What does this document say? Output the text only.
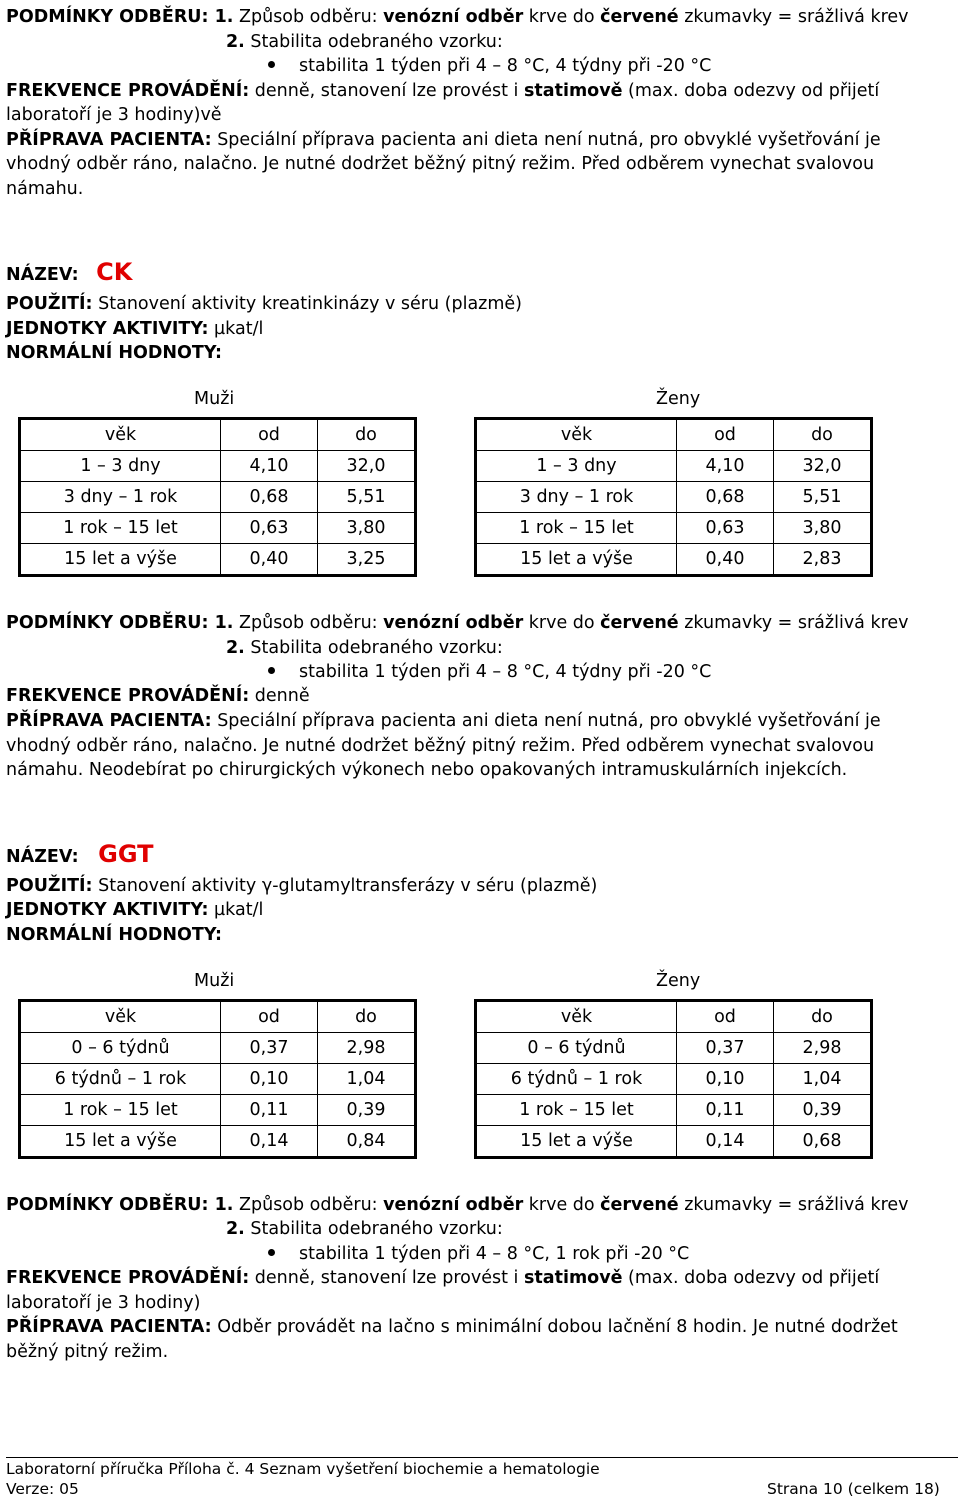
PODMÍNKY ODBĚRU: 1. Způsob odběru: venózní odběr krve do červené zkumavky = srážlivá krev
2. Stabilita odebraného vzorku:
stabilita 1 týden při 4 – 8 °C, 4 týdny při -20 °C
FREKVENCE PROVÁDĚNÍ: denně, stanovení lze provést i statimově (max. doba odezvy od přijetí
laboratoří je 3 hodiny)vě
PŘÍPRAVA PACIENTA: Speciální příprava pacienta ani dieta není nutná, pro obvyklé vyšetřování je
vhodný odběr ráno, nalačno. Je nutné dodržet běžný pitný režim. Před odběrem vynechat svalovou
námahu.
NÁZEV: CK
POUŽITÍ: Stanovení aktivity kreatinkinázy v séru (plazmě)
JEDNOTKY AKTIVITY: µkat/l
NORMÁLNÍ HODNOTY:
Muži	Ženy
věk	od	do
1 – 3 dny	4,10	32,0
3 dny – 1 rok	0,68	5,51
1 rok – 15 let	0,63	3,80
15 let a výše	0,40	3,25
věk	od	do
1 – 3 dny	4,10	32,0
3 dny – 1 rok	0,68	5,51
1 rok – 15 let	0,63	3,80
15 let a výše	0,40	2,83
PODMÍNKY ODBĚRU: 1. Způsob odběru: venózní odběr krve do červené zkumavky = srážlivá krev
2. Stabilita odebraného vzorku:
stabilita 1 týden při 4 – 8 °C, 4 týdny při -20 °C
FREKVENCE PROVÁDĚNÍ: denně
PŘÍPRAVA PACIENTA: Speciální příprava pacienta ani dieta není nutná, pro obvyklé vyšetřování je
vhodný odběr ráno, nalačno. Je nutné dodržet běžný pitný režim. Před odběrem vynechat svalovou
námahu. Neodebírat po chirurgických výkonech nebo opakovaných intramuskulárních injekcích.
NÁZEV: GGT
POUŽITÍ: Stanovení aktivity γ-glutamyltransferázy v séru (plazmě)
JEDNOTKY AKTIVITY: µkat/l
NORMÁLNÍ HODNOTY:
Muži	Ženy
věk	od	do
0 – 6 týdnů	0,37	2,98
6 týdnů – 1 rok	0,10	1,04
1 rok – 15 let	0,11	0,39
15 let a výše	0,14	0,84
věk	od	do
0 – 6 týdnů	0,37	2,98
6 týdnů – 1 rok	0,10	1,04
1 rok – 15 let	0,11	0,39
15 let a výše	0,14	0,68
PODMÍNKY ODBĚRU: 1. Způsob odběru: venózní odběr krve do červené zkumavky = srážlivá krev
2. Stabilita odebraného vzorku:
stabilita 1 týden při 4 – 8 °C, 1 rok při -20 °C
FREKVENCE PROVÁDĚNÍ: denně, stanovení lze provést i statimově (max. doba odezvy od přijetí
laboratoří je 3 hodiny)
PŘÍPRAVA PACIENTA: Odběr provádět na lačno s minimální dobou lačnění 8 hodin. Je nutné dodržet
běžný pitný režim.
Laboratorní příručka Příloha č. 4 Seznam vyšetření biochemie a hematologie
Verze: 05	Strana 10 (celkem 18)
